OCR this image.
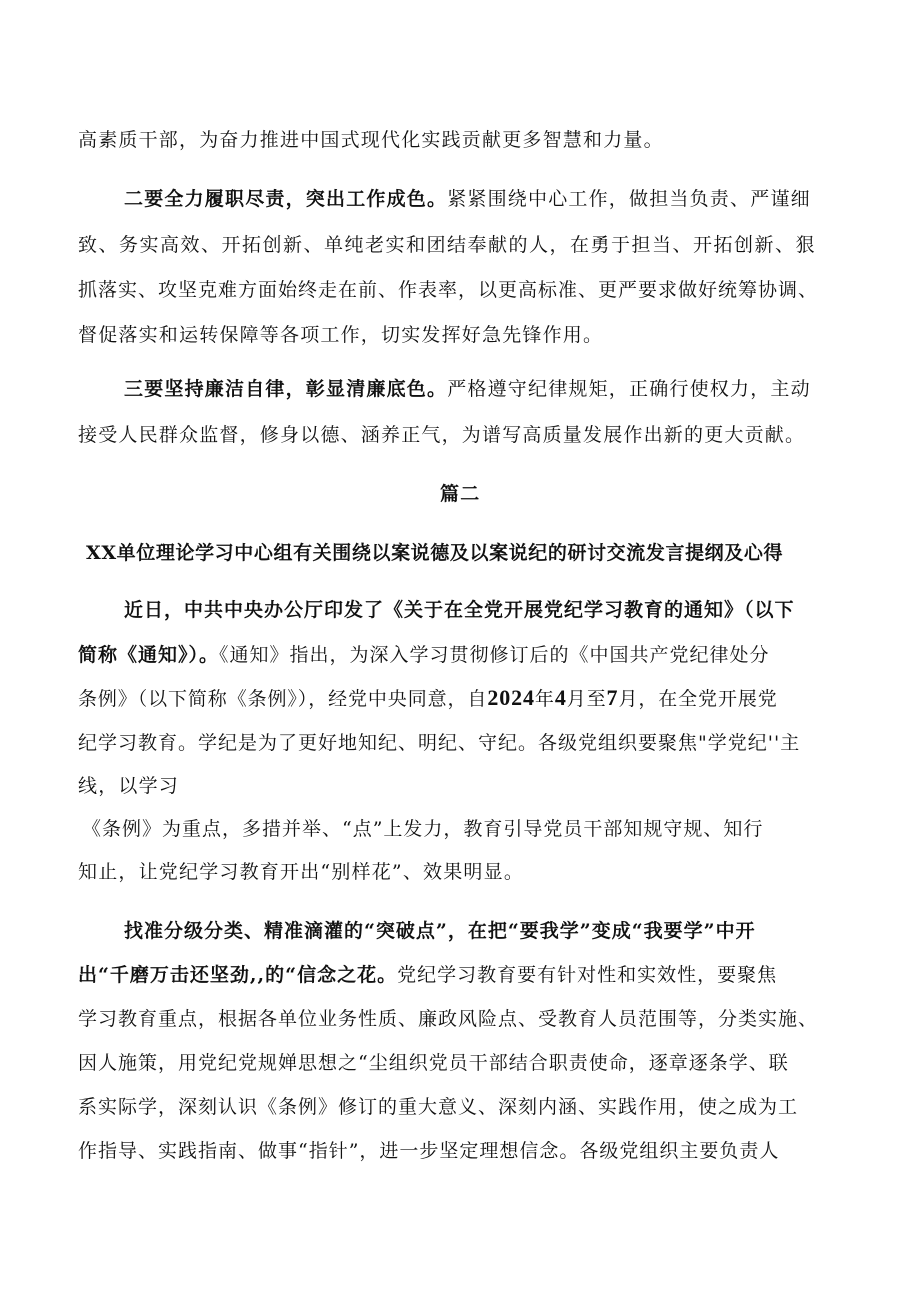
高素质干部，为奋力推进中国式现代化实践贡献更多智慧和力量。
二要全力履职尽责，突出工作成色。紧紧围绕中心工作，做担当负责、严谨细
致、务实高效、开拓创新、单纯老实和团结奉献的人，在勇于担当、开拓创新、狠
抓落实、攻坚克难方面始终走在前、作表率，以更高标准、更严要求做好统筹协调、
督促落实和运转保障等各项工作，切实发挥好急先锋作用。
三要坚持廉洁自律，彰显清廉底色。严格遵守纪律规矩，正确行使权力，主动
接受人民群众监督，修身以德、涵养正气，为谱写高质量发展作出新的更大贡献。
篇二
XX单位理论学习中心组有关围绕以案说德及以案说纪的研讨交流发言提纲及心得
近日，中共中央办公厅印发了《关于在全党开展党纪学习教育的通知》（以下
简称《通知》）。《通知》指出，为深入学习贯彻修订后的《中国共产党纪律处分
条例》（以下简称《条例》），经党中央同意，自2024年4月至7月，在全党开展党
纪学习教育。学纪是为了更好地知纪、明纪、守纪。各级党组织要聚焦"学党纪''主
线，以学习
《条例》为重点，多措并举、“点”上发力，教育引导党员干部知规守规、知行
知止，让党纪学习教育开出“别样花”、效果明显。
找准分级分类、精准滴灌的“突破点”，在把“要我学”变成“我要学”中开
出“千磨万击还坚劲,,的“信念之花。党纪学习教育要有针对性和实效性，要聚焦
学习教育重点，根据各单位业务性质、廉政风险点、受教育人员范围等，分类实施、
因人施策，用党纪党规婵思想之“尘组织党员干部结合职责使命，逐章逐条学、联
系实际学，深刻认识《条例》修订的重大意义、深刻内涵、实践作用，使之成为工
作指导、实践指南、做事“指针”，进一步坚定理想信念。各级党组织主要负责人
